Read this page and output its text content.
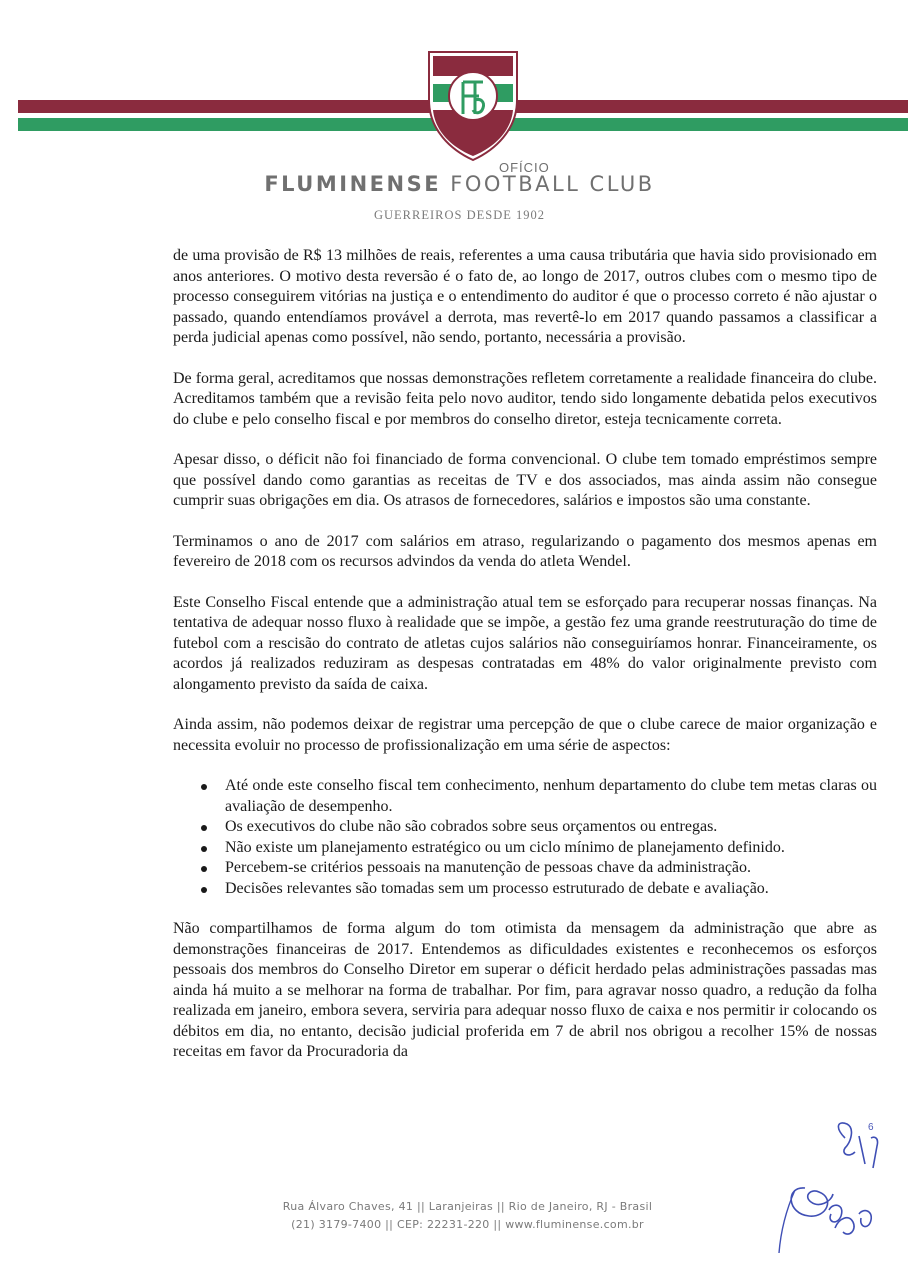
OFÍCIO
FLUMINENSE FOOTBALL CLUB
GUERREIROS DESDE 1902

de uma provisão de R$ 13 milhões de reais, referentes a uma causa tributária que havia sido provisionado em anos anteriores. O motivo desta reversão é o fato de, ao longo de 2017, outros clubes com o mesmo tipo de processo conseguirem vitórias na justiça e o entendimento do auditor é que o processo correto é não ajustar o passado, quando entendíamos provável a derrota, mas revertê-lo em 2017 quando passamos a classificar a perda judicial apenas como possível, não sendo, portanto, necessária a provisão.

De forma geral, acreditamos que nossas demonstrações refletem corretamente a realidade financeira do clube. Acreditamos também que a revisão feita pelo novo auditor, tendo sido longamente debatida pelos executivos do clube e pelo conselho fiscal e por membros do conselho diretor, esteja tecnicamente correta.

Apesar disso, o déficit não foi financiado de forma convencional. O clube tem tomado empréstimos sempre que possível dando como garantias as receitas de TV e dos associados, mas ainda assim não consegue cumprir suas obrigações em dia. Os atrasos de fornecedores, salários e impostos são uma constante.

Terminamos o ano de 2017 com salários em atraso, regularizando o pagamento dos mesmos apenas em fevereiro de 2018 com os recursos advindos da venda do atleta Wendel.

Este Conselho Fiscal entende que a administração atual tem se esforçado para recuperar nossas finanças. Na tentativa de adequar nosso fluxo à realidade que se impõe, a gestão fez uma grande reestruturação do time de futebol com a rescisão do contrato de atletas cujos salários não conseguiríamos honrar. Financeiramente, os acordos já realizados reduziram as despesas contratadas em 48% do valor originalmente previsto com alongamento previsto da saída de caixa.

Ainda assim, não podemos deixar de registrar uma percepção de que o clube carece de maior organização e necessita evoluir no processo de profissionalização em uma série de aspectos:

Até onde este conselho fiscal tem conhecimento, nenhum departamento do clube tem metas claras ou avaliação de desempenho.
Os executivos do clube não são cobrados sobre seus orçamentos ou entregas.
Não existe um planejamento estratégico ou um ciclo mínimo de planejamento definido.
Percebem-se critérios pessoais na manutenção de pessoas chave da administração.
Decisões relevantes são tomadas sem um processo estruturado de debate e avaliação.

Não compartilhamos de forma algum do tom otimista da mensagem da administração que abre as demonstrações financeiras de 2017. Entendemos as dificuldades existentes e reconhecemos os esforços pessoais dos membros do Conselho Diretor em superar o déficit herdado pelas administrações passadas mas ainda há muito a se melhorar na forma de trabalhar. Por fim, para agravar nosso quadro, a redução da folha realizada em janeiro, embora severa, serviria para adequar nosso fluxo de caixa e nos permitir ir colocando os débitos em dia, no entanto, decisão judicial proferida em 7 de abril nos obrigou a recolher 15% de nossas receitas em favor da Procuradoria da

Rua Álvaro Chaves, 41 || Laranjeiras || Rio de Janeiro, RJ - Brasil
(21) 3179-7400 || CEP: 22231-220 || www.fluminense.com.br
6
